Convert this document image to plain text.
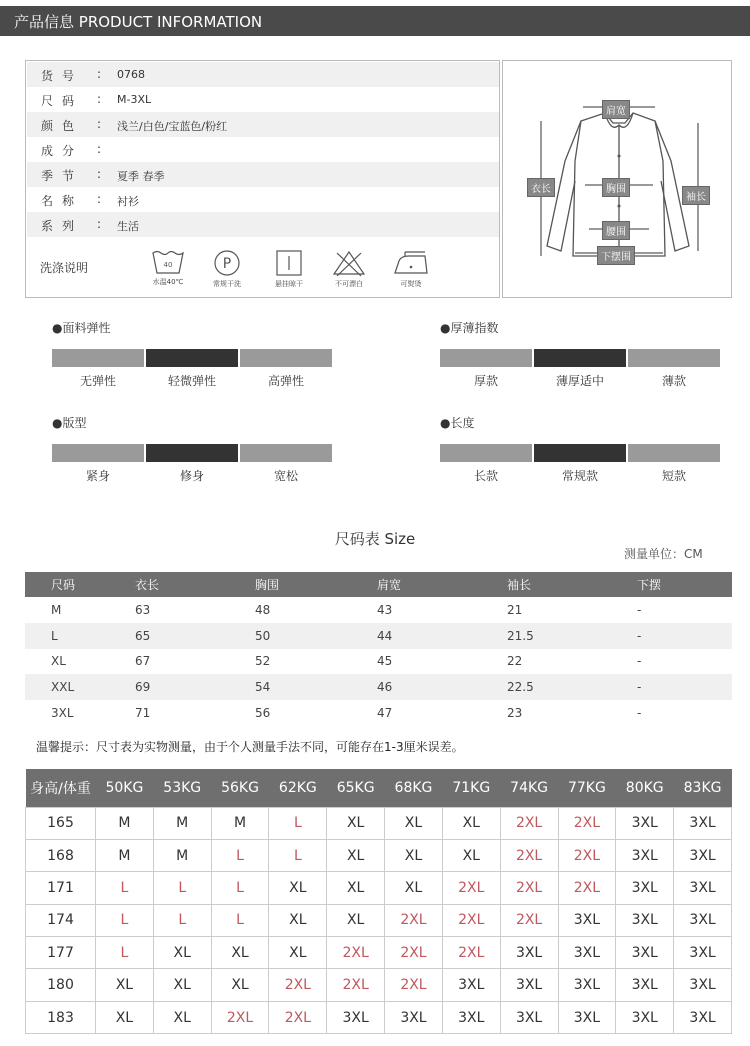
产品信息 PRODUCT INFORMATION
货号 : 0768
尺码 : M-3XL
颜色 : 浅兰/白色/宝蓝色/粉红
成分 :
季节 : 夏季 春季
名称 : 衬衫
系列 : 生活
洗涤说明	40
水温40℃
P
常规干洗	悬挂晾干	不可漂白	可熨烫
肩宽
衣长	胸围
袖长
腰围
下摆围
●面料弹性
无弹性	轻微弹性	高弹性
●厚薄指数
厚款	薄厚适中	薄款
●版型
紧身	修身	宽松
●长度
长款	常规款	短款
尺码表 Size
测量单位：CM
尺码	衣长	胸围	肩宽	袖长	下摆
M	63	48	43	21	-
L	65	50	44	21.5	-
XL	67	52	45	22	-
XXL	69	54	46	22.5	-
3XL	71	56	47	23	-
温馨提示：尺寸表为实物测量，由于个人测量手法不同，可能存在1-3厘米误差。
身高/体重	50KG	53KG	56KG	62KG	65KG	68KG	71KG	74KG	77KG	80KG	83KG
165	M	M	M	L	XL	XL	XL	2XL	2XL	3XL	3XL
168	M	M	L	L	XL	XL	XL	2XL	2XL	3XL	3XL
171	L	L	L	XL	XL	XL	2XL	2XL	2XL	3XL	3XL
174	L	L	L	XL	XL	2XL	2XL	2XL	3XL	3XL	3XL
177	L	XL	XL	XL	2XL	2XL	2XL	3XL	3XL	3XL	3XL
180	XL	XL	XL	2XL	2XL	2XL	3XL	3XL	3XL	3XL	3XL
183	XL	XL	2XL	2XL	3XL	3XL	3XL	3XL	3XL	3XL	3XL
